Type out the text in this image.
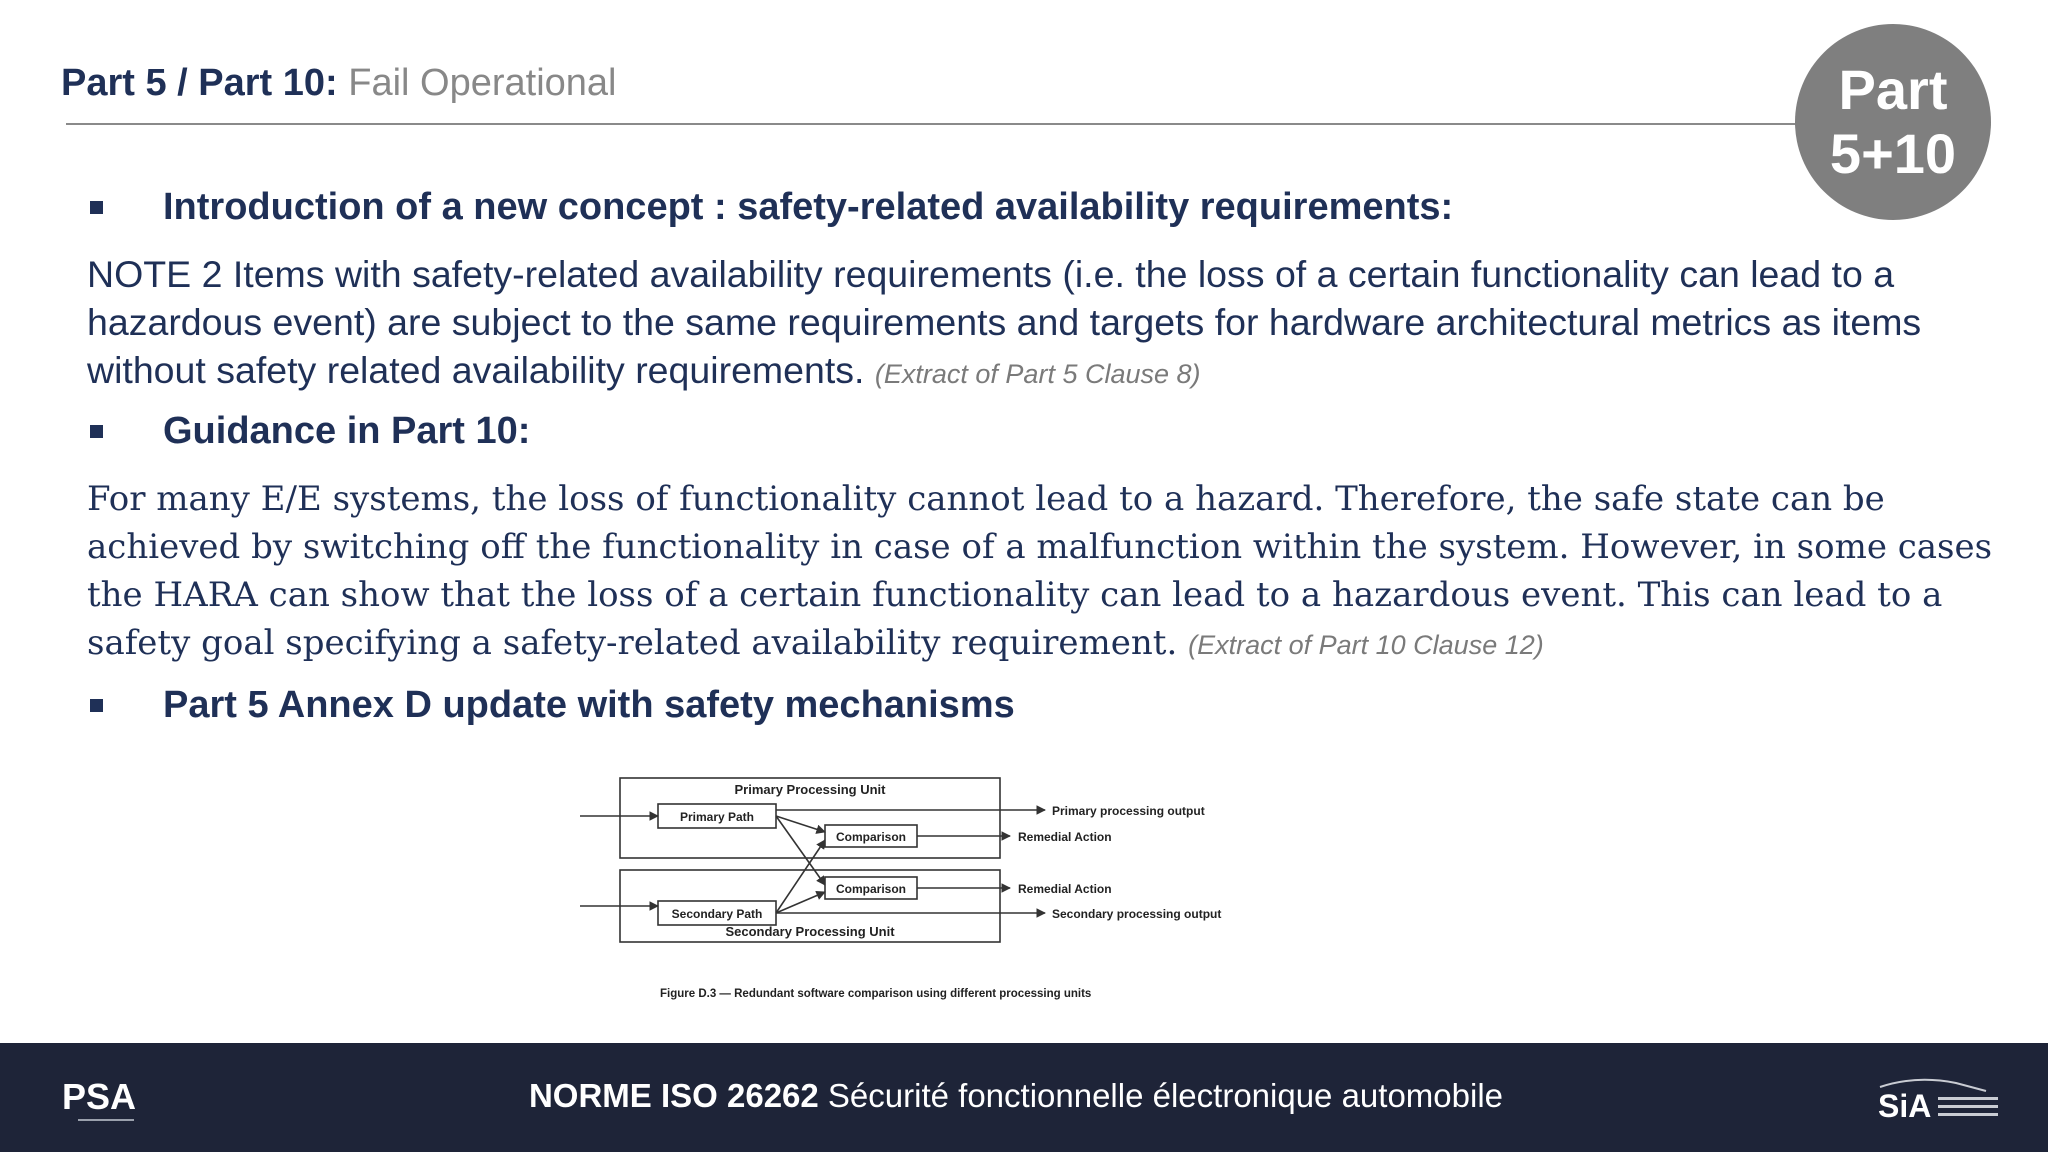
Part 5 / Part 10: Fail Operational	Part
5+10
Introduction of a new concept : safety-related availability requirements:
NOTE 2 Items with safety-related availability requirements (i.e. the loss of a certain functionality can lead to a hazardous event) are subject to the same requirements and targets for hardware architectural metrics as items without safety related availability requirements. (Extract of Part 5 Clause 8)
Guidance in Part 10:
For many E/E systems, the loss of functionality cannot lead to a hazard. Therefore, the safe state can be achieved by switching off the functionality in case of a malfunction within the system. However, in some cases the HARA can show that the loss of a certain functionality can lead to a hazardous event. This can lead to a safety goal specifying a safety-related availability requirement. (Extract of Part 10 Clause 12)
Part 5 Annex D update with safety mechanisms
Primary Processing Unit
Primary Path
Comparison
Comparison
Secondary Path
Secondary Processing Unit
Primary processing output
Remedial Action
Remedial Action
Secondary processing output
Figure D.3 — Redundant software comparison using different processing units
PSA	NORME ISO 26262 Sécurité fonctionnelle électronique automobile	SiA
